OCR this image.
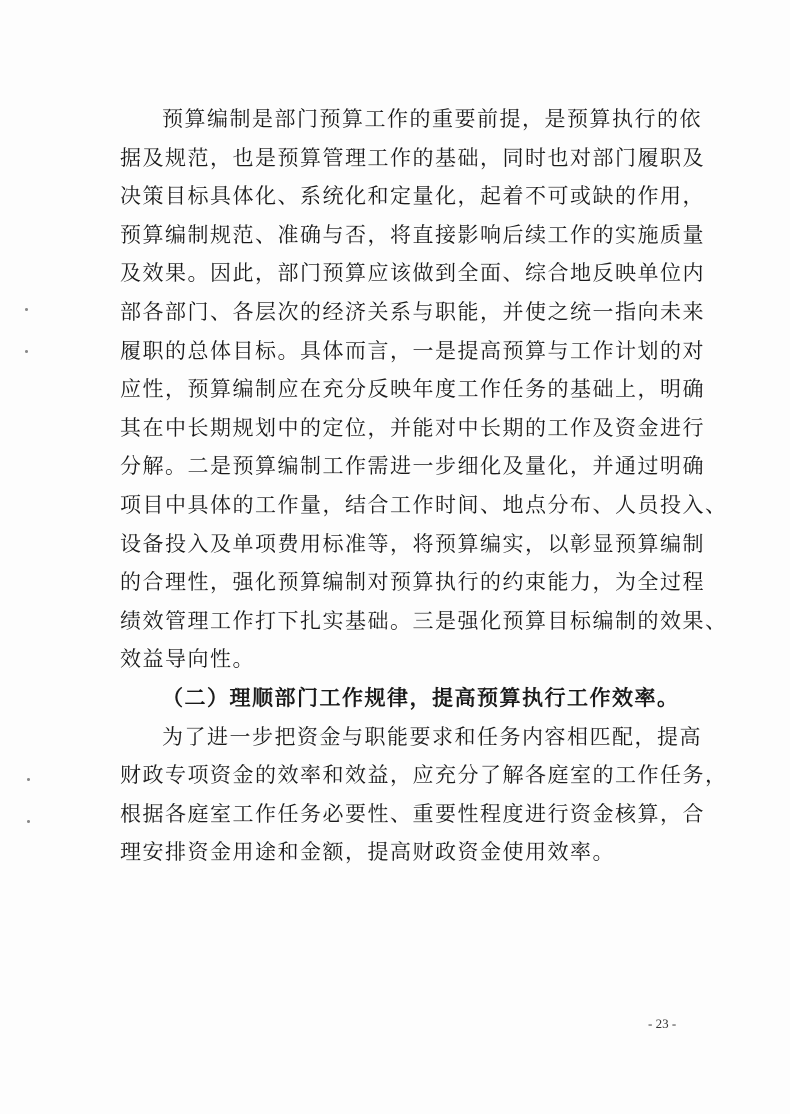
预算编制是部门预算工作的重要前提，是预算执行的依
据及规范，也是预算管理工作的基础，同时也对部门履职及
决策目标具体化、系统化和定量化，起着不可或缺的作用，
预算编制规范、准确与否，将直接影响后续工作的实施质量
及效果。因此，部门预算应该做到全面、综合地反映单位内
部各部门、各层次的经济关系与职能，并使之统一指向未来
履职的总体目标。具体而言，一是提高预算与工作计划的对
应性，预算编制应在充分反映年度工作任务的基础上，明确
其在中长期规划中的定位，并能对中长期的工作及资金进行
分解。二是预算编制工作需进一步细化及量化，并通过明确
项目中具体的工作量，结合工作时间、地点分布、人员投入、
设备投入及单项费用标准等，将预算编实，以彰显预算编制
的合理性，强化预算编制对预算执行的约束能力，为全过程
绩效管理工作打下扎实基础。三是强化预算目标编制的效果、
效益导向性。
（二）理顺部门工作规律，提高预算执行工作效率。
为了进一步把资金与职能要求和任务内容相匹配，提高
财政专项资金的效率和效益，应充分了解各庭室的工作任务，
根据各庭室工作任务必要性、重要性程度进行资金核算，合
理安排资金用途和金额，提高财政资金使用效率。
- 23 -
